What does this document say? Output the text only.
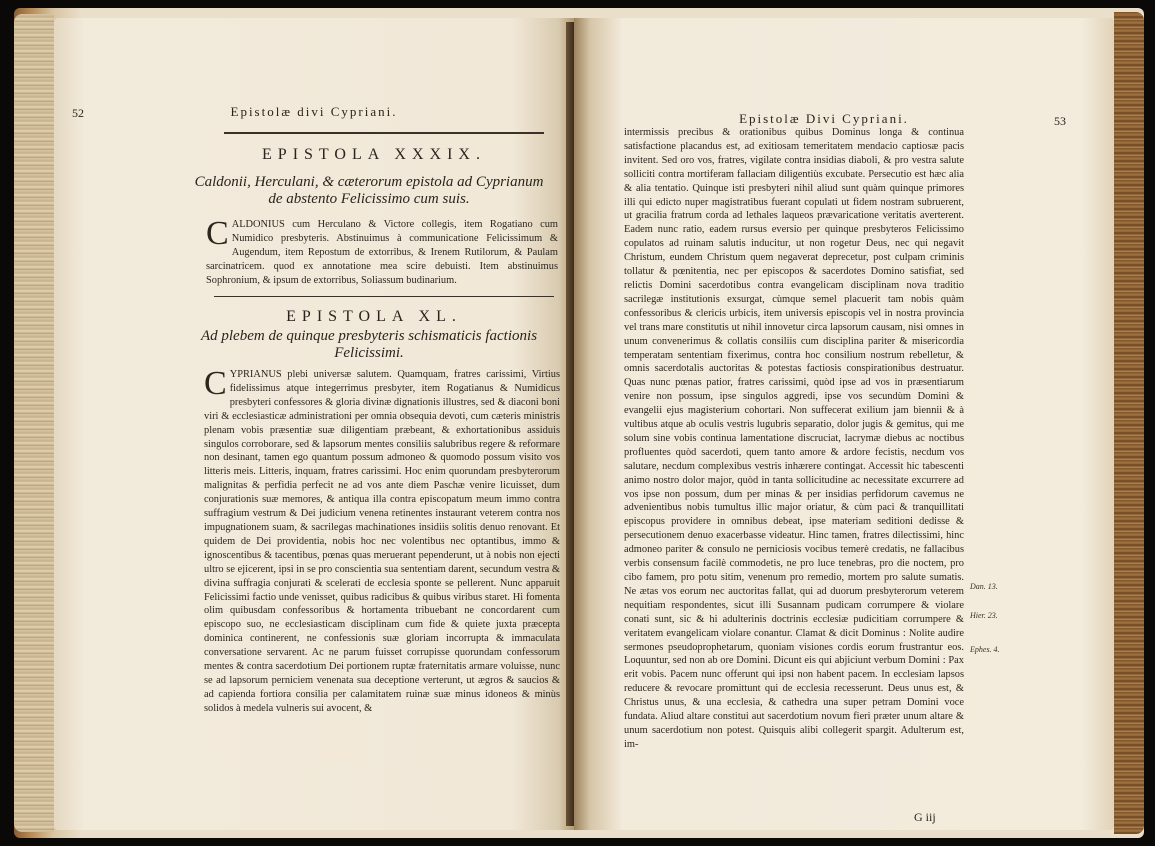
52	Epistolæ divi Cypriani.
EPISTOLA XXXIX.
Caldonii, Herculani, & cæterorum epistola ad Cyprianum
de abstento Felicissimo cum suis.

CALDONIUS cum Herculano & Victore collegis, item Rogatiano cum Numidico presbyteris. Abstinuimus à communicatione Felicissimum & Augendum, item Repostum de extorribus, & Irenem Rutilorum, & Paulam sarcinatricem. quod ex annotatione mea scire debuisti. Item abstinuimus Sophronium, & ipsum de extorribus, Soliassum budinarium.

EPISTOLA XL.
Ad plebem de quinque presbyteris schismaticis factionis
Felicissimi.

CYPRIANUS plebi universæ salutem. Quamquam, fratres carissimi, Virtius fidelissimus atque integerrimus presbyter, item Rogatianus & Numidicus presbyteri confessores & gloria divinæ dignationis illustres, sed & diaconi boni viri & ecclesiasticæ administrationi per omnia obsequia devoti, cum cæteris ministris plenam vobis præsentiæ suæ diligentiam præbeant, & exhortationibus assiduis singulos corroborare, sed & lapsorum mentes consiliis salubribus regere & reformare non desinant, tamen ego quantum possum admoneo & quomodo possum visito vos litteris meis. Litteris, inquam, fratres carissimi. Hoc enim quorundam presbyterorum malignitas & perfidia perfecit ne ad vos ante diem Paschæ venire licuisset, dum conjurationis suæ memores, & antiqua illa contra episcopatum meum immo contra suffragium vestrum & Dei judicium venena retinentes instaurant veterem contra nos impugnationem suam, & sacrilegas machinationes insidiis solitis denuo renovant. Et quidem de Dei providentia, nobis hoc nec volentibus nec optantibus, immo & ignoscentibus & tacentibus, pœnas quas meruerant pependerunt, ut à nobis non ejecti ultro se ejicerent, ipsi in se pro conscientia sua sententiam darent, secundum vestra & divina suffragia conjurati & scelerati de ecclesia sponte se pellerent. Nunc apparuit Felicissimi factio unde venisset, quibus radicibus & quibus viribus staret. Hi fomenta olim quibusdam confessoribus & hortamenta tribuebant ne concordarent cum episcopo suo, ne ecclesiasticam disciplinam cum fide & quiete juxta præcepta dominica continerent, ne confessionis suæ gloriam incorrupta & immaculata conversatione servarent. Ac ne parum fuisset corrupisse quorundam confessorum mentes & contra sacerdotium Dei portionem ruptæ fraternitatis armare voluisse, nunc se ad lapsorum perniciem venenata sua deceptione verterunt, ut ægros & saucios & ad capienda fortiora consilia per calamitatem ruinæ suæ minus idoneos & minùs solidos à medela vulneris sui avocent, &

Epistolæ Divi Cypriani.	53

intermissis precibus & orationibus quibus Dominus longa & continua satisfactione placandus est, ad exitiosam temeritatem mendacio captiosæ pacis invitent. Sed oro vos, fratres, vigilate contra insidias diaboli, & pro vestra salute solliciti contra mortiferam fallaciam diligentiùs excubate. Persecutio est hæc alia & alia tentatio. Quinque isti presbyteri nihil aliud sunt quàm quinque primores illi qui edicto nuper magistratibus fuerant copulati ut fidem nostram subruerent, ut gracilia fratrum corda ad lethales laqueos prævaricatione veritatis averterent. Eadem nunc ratio, eadem rursus eversio per quinque presbyteros Felicissimo copulatos ad ruinam salutis inducitur, ut non rogetur Deus, nec qui negavit Christum, eundem Christum quem negaverat deprecetur, post culpam criminis tollatur & pœnitentia, nec per episcopos & sacerdotes Domino satisfiat, sed relictis Domini sacerdotibus contra evangelicam disciplinam nova traditio sacrilegæ institutionis exsurgat, cùmque semel placuerit tam nobis quàm confessoribus & clericis urbicis, item universis episcopis vel in nostra provincia vel trans mare constitutis ut nihil innovetur circa lapsorum causam, nisi omnes in unum convenerimus & collatis consiliis cum disciplina pariter & misericordia temperatam sententiam fixerimus, contra hoc consilium nostrum rebelletur, & omnis sacerdotalis auctoritas & potestas factiosis conspirationibus destruatur. Quas nunc pœnas patior, fratres carissimi, quòd ipse ad vos in præsentiarum venire non possum, ipse singulos aggredi, ipse vos secundùm Domini & evangelii ejus magisterium cohortari. Non suffecerat exilium jam biennii & à vultibus atque ab oculis vestris lugubris separatio, dolor jugis & gemitus, qui me solum sine vobis continua lamentatione discruciat, lacrymæ diebus ac noctibus profluentes quòd sacerdoti, quem tanto amore & ardore fecistis, necdum vos salutare, necdum complexibus vestris inhærere contingat. Accessit hic tabescenti animo nostro dolor major, quòd in tanta sollicitudine ac necessitate excurrere ad vos ipse non possum, dum per minas & per insidias perfidorum cavemus ne advenientibus nobis tumultus illic major oriatur, & cùm paci & tranquillitati episcopus providere in omnibus debeat, ipse materiam seditioni dedisse & persecutionem denuo exacerbasse videatur. Hinc tamen, fratres dilectissimi, hinc admoneo pariter & consulo ne perniciosis vocibus temerè credatis, ne fallacibus verbis consensum facilè commodetis, ne pro luce tenebras, pro die noctem, pro cibo famem, pro potu sitim, venenum pro remedio, mortem pro salute sumatis. Ne ætas vos eorum nec auctoritas fallat, qui ad duorum presbyterorum veterem nequitiam respondentes, sicut illi Susannam pudicam corrumpere & violare conati sunt, sic & hi adulterinis doctrinis ecclesiæ pudicitiam corrumpere & veritatem evangelicam violare conantur. Clamat & dicit Dominus : Nolite audire sermones pseudoprophetarum, quoniam visiones cordis eorum frustrantur eos. Loquuntur, sed non ab ore Domini. Dicunt eis qui abjiciunt verbum Domini : Pax erit vobis. Pacem nunc offerunt qui ipsi non habent pacem. In ecclesiam lapsos reducere & revocare promittunt qui de ecclesia recesserunt. Deus unus est, & Christus unus, & una ecclesia, & cathedra una super petram Domini voce fundata. Aliud altare constitui aut sacerdotium novum fieri præter unum altare & unum sacerdotium non potest. Quisquis alibi collegerit spargit. Adulterum est, im-

Dan. 13.
Hier. 23.
Ephes. 4.
G iij
